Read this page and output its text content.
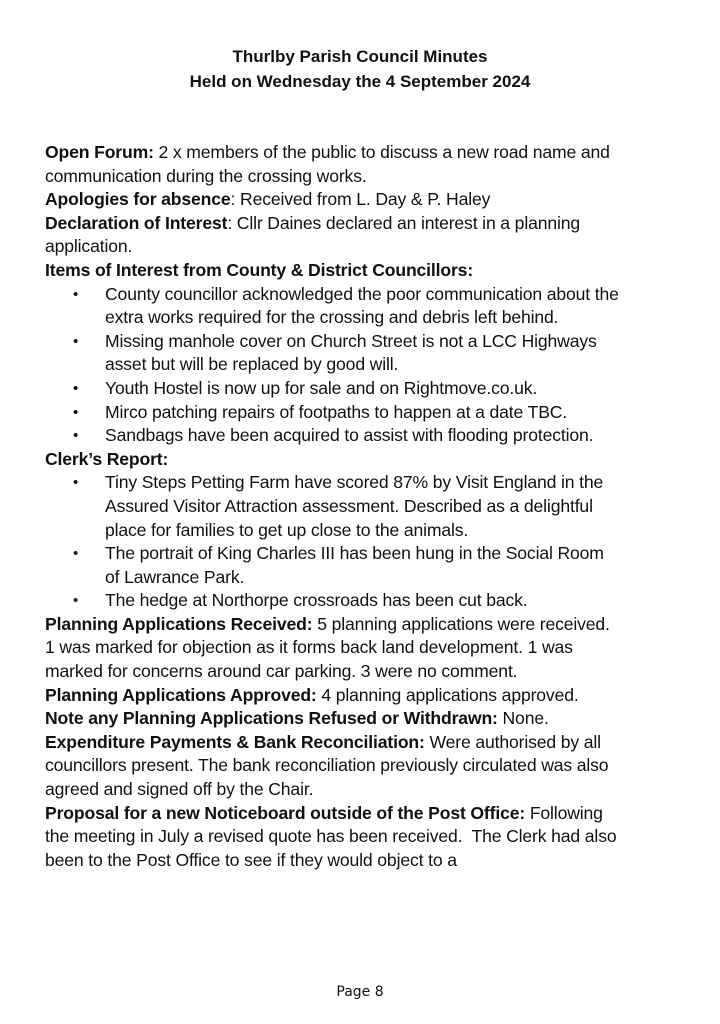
Thurlby Parish Council Minutes
Held on Wednesday the 4 September 2024
Open Forum: 2 x members of the public to discuss a new road name and
communication during the crossing works.
Apologies for absence: Received from L. Day & P. Haley
Declaration of Interest: Cllr Daines declared an interest in a planning
application.
Items of Interest from County & District Councillors:
• County councillor acknowledged the poor communication about the
extra works required for the crossing and debris left behind.
• Missing manhole cover on Church Street is not a LCC Highways
asset but will be replaced by good will.
• Youth Hostel is now up for sale and on Rightmove.co.uk.
• Mirco patching repairs of footpaths to happen at a date TBC.
• Sandbags have been acquired to assist with flooding protection.
Clerk’s Report:
• Tiny Steps Petting Farm have scored 87% by Visit England in the
Assured Visitor Attraction assessment. Described as a delightful
place for families to get up close to the animals.
• The portrait of King Charles III has been hung in the Social Room
of Lawrance Park.
• The hedge at Northorpe crossroads has been cut back.
Planning Applications Received: 5 planning applications were received.
1 was marked for objection as it forms back land development. 1 was
marked for concerns around car parking. 3 were no comment.
Planning Applications Approved: 4 planning applications approved.
Note any Planning Applications Refused or Withdrawn: None.
Expenditure Payments & Bank Reconciliation: Were authorised by all
councillors present. The bank reconciliation previously circulated was also
agreed and signed off by the Chair.
Proposal for a new Noticeboard outside of the Post Office: Following
the meeting in July a revised quote has been received.  The Clerk had also
been to the Post Office to see if they would object to a
Page 8
